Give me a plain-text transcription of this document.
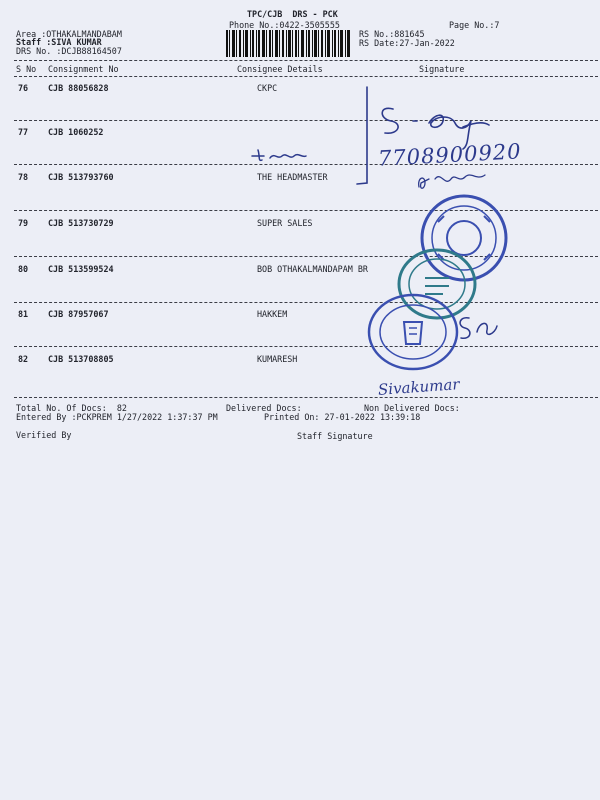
TPC/CJB  DRS - PCK
Phone No.:0422-3505555	Page No.:7
Area :OTHAKALMANDABAM
Staff :SIVA KUMAR
DRS No. :DCJB88164507
RS No.:881645
RS Date:27-Jan-2022
S No Consignment No	Consignee Details	Signature
76 CJB 88056828	CKPC
77 CJB 1060252
78 CJB 513793760	THE HEADMASTER
79 CJB 513730729	SUPER SALES
80 CJB 513599524	BOB OTHAKALMANDAPAM BR
81 CJB 87957067	HAKKEM
82 CJB 513708805	KUMARESH
Total No. Of Docs:  82	Delivered Docs:	Non Delivered Docs:
Entered By :PCKPREM 1/27/2022 1:37:37 PM	Printed On: 27-01-2022 13:39:18
Verified By	Staff Signature
7708900920
Sivakumar
